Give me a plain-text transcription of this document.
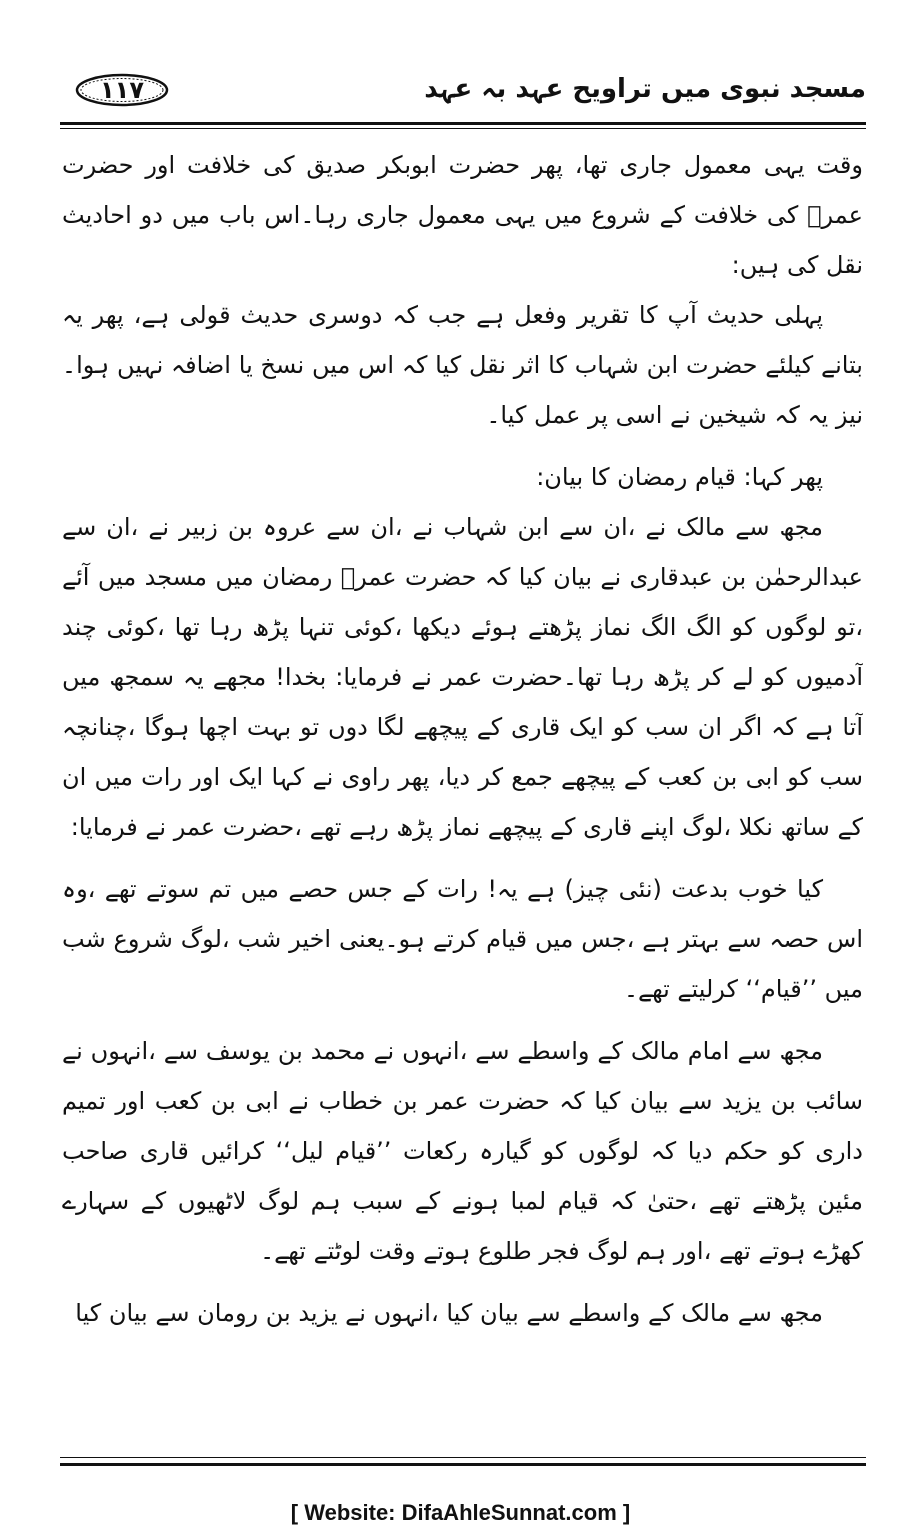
مسجد نبوی میں تراویح عہد بہ عہد
۱۱۷

وقت یہی معمول جاری تھا، پھر حضرت ابوبکر صدیق کی خلافت اور حضرت عمرؓ کی خلافت کے شروع میں یہی معمول جاری رہا۔اس باب میں دو احادیث نقل کی ہیں:

پہلی حدیث آپ کا تقریر وفعل ہے جب کہ دوسری حدیث قولی ہے، پھر یہ بتانے کیلئے حضرت ابن شہاب کا اثر نقل کیا کہ اس میں نسخ یا اضافہ نہیں ہوا۔نیز یہ کہ شیخین نے اسی پر عمل کیا۔

پھر کہا: قیام رمضان کا بیان:

مجھ سے مالک نے ،ان سے ابن شہاب نے ،ان سے عروہ بن زبیر نے ،ان سے عبدالرحمٰن بن عبدقاری نے بیان کیا کہ حضرت عمرؓ رمضان میں مسجد میں آئے ،تو لوگوں کو الگ الگ نماز پڑھتے ہوئے دیکھا ،کوئی تنہا پڑھ رہا تھا ،کوئی چند آدمیوں کو لے کر پڑھ رہا تھا۔حضرت عمر نے فرمایا: بخدا! مجھے یہ سمجھ میں آتا ہے کہ اگر ان سب کو ایک قاری کے پیچھے لگا دوں تو بہت اچھا ہوگا ،چنانچہ سب کو ابی بن کعب کے پیچھے جمع کر دیا، پھر راوی نے کہا ایک اور رات میں ان کے ساتھ نکلا ،لوگ اپنے قاری کے پیچھے نماز پڑھ رہے تھے ،حضرت عمر نے فرمایا:

کیا خوب بدعت (نئی چیز) ہے یہ! رات کے جس حصے میں تم سوتے تھے ،وہ اس حصہ سے بہتر ہے ،جس میں قیام کرتے ہو۔یعنی اخیر شب ،لوگ شروع شب میں ’’قیام‘‘ کرلیتے تھے۔

مجھ سے امام مالک کے واسطے سے ،انہوں نے محمد بن یوسف سے ،انہوں نے سائب بن یزید سے بیان کیا کہ حضرت عمر بن خطاب نے ابی بن کعب اور تمیم داری کو حکم دیا کہ لوگوں کو گیارہ رکعات ’’قیام لیل‘‘ کرائیں قاری صاحب مئین پڑھتے تھے ،حتیٰ کہ قیام لمبا ہونے کے سبب ہم لوگ لاٹھیوں کے سہارے کھڑے ہوتے تھے ،اور ہم لوگ فجر طلوع ہوتے وقت لوٹتے تھے۔

مجھ سے مالک کے واسطے سے بیان کیا ،انہوں نے یزید بن رومان سے بیان کیا

[ Website: DifaAhleSunnat.com ]
